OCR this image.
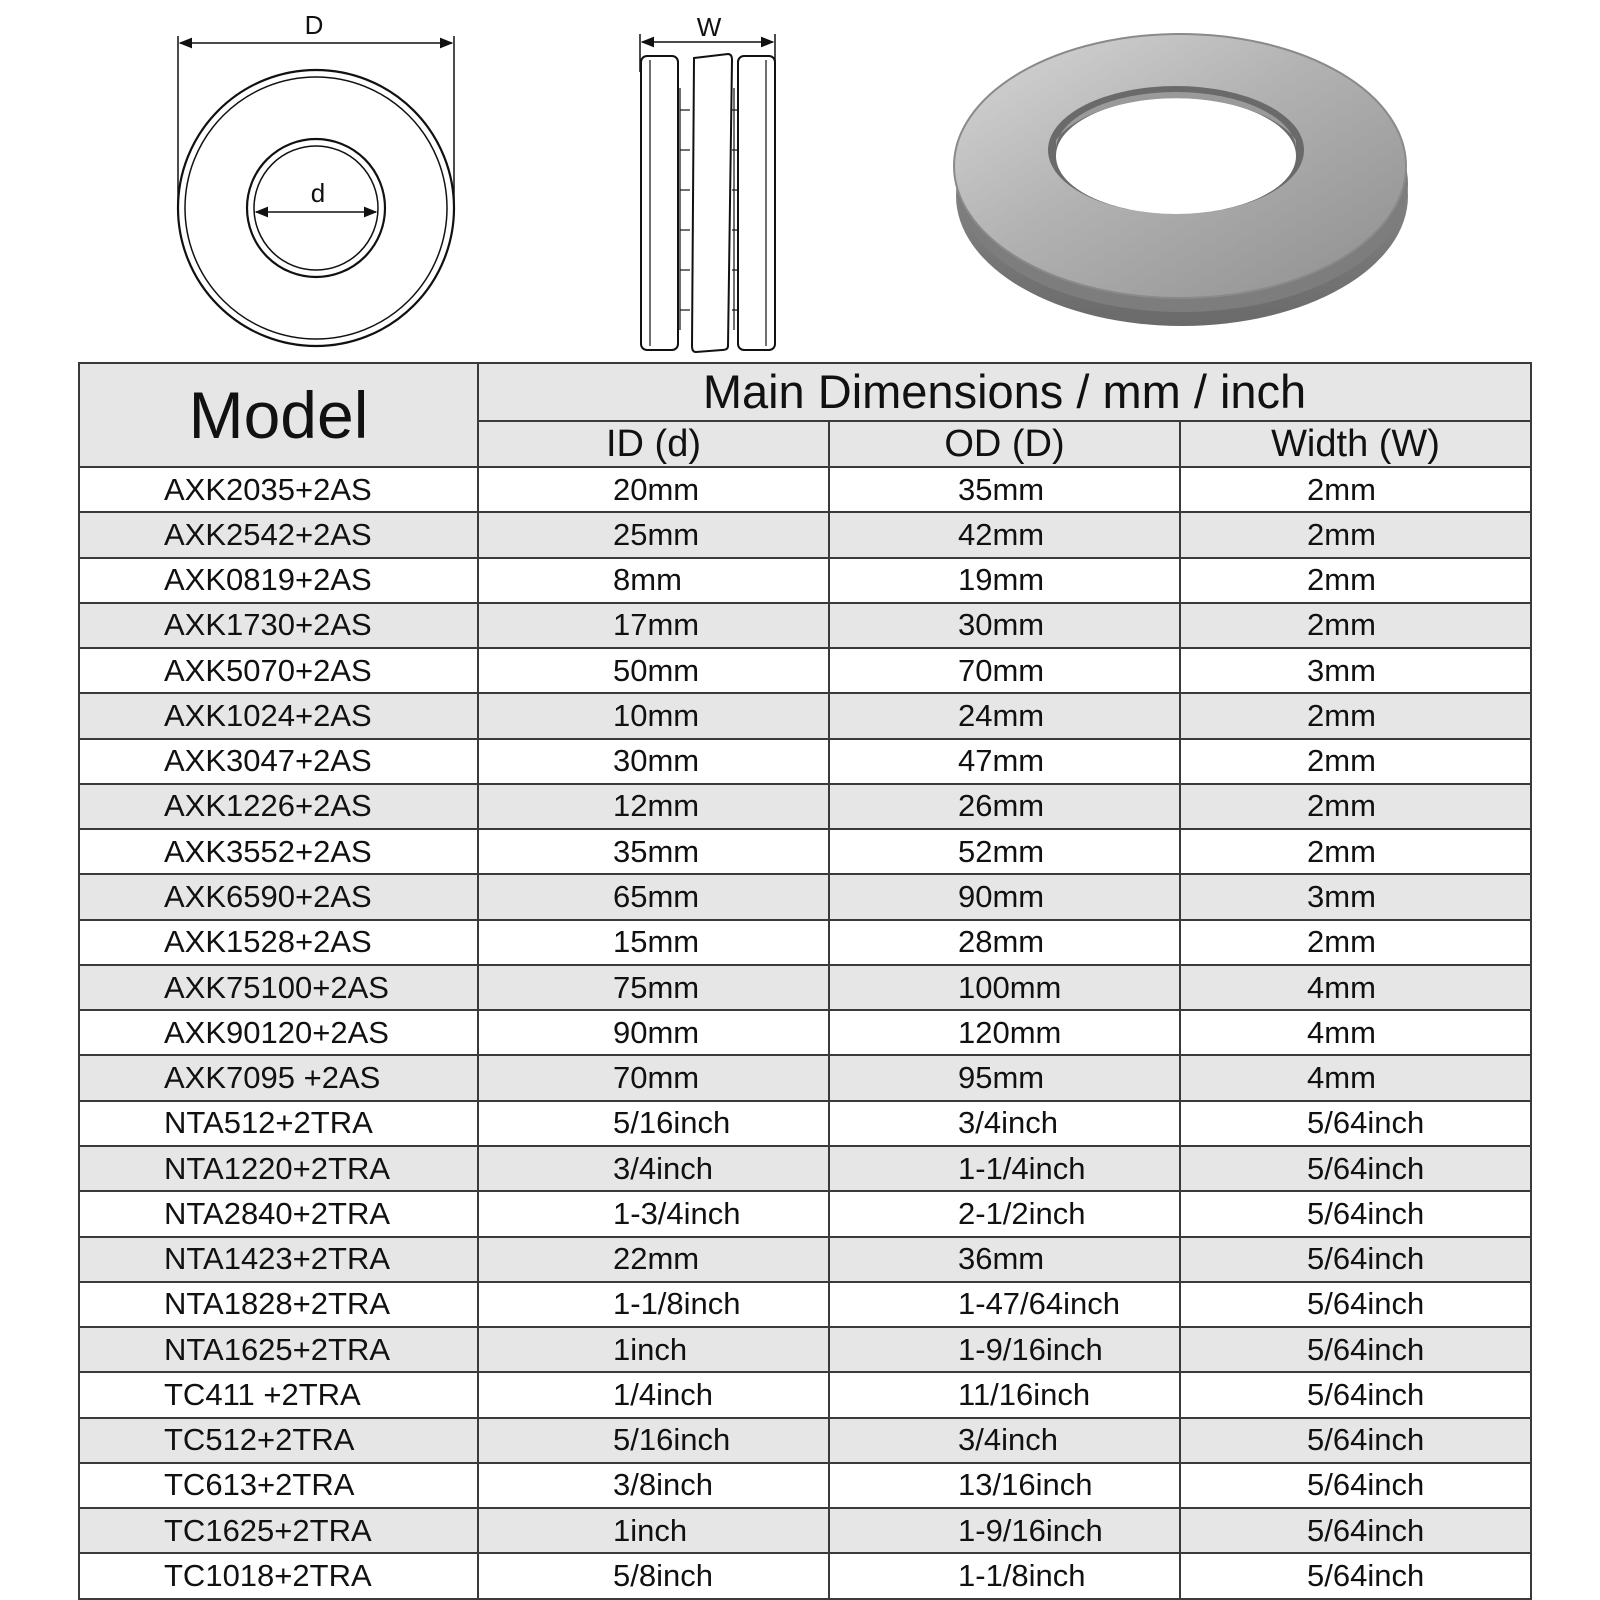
D
d
W
Model	Main Dimensions / mm / inch		
	ID (d)	OD (D)	Width (W)
AXK2035+2AS	20mm	35mm	2mm
AXK2542+2AS	25mm	42mm	2mm
AXK0819+2AS	8mm	19mm	2mm
AXK1730+2AS	17mm	30mm	2mm
AXK5070+2AS	50mm	70mm	3mm
AXK1024+2AS	10mm	24mm	2mm
AXK3047+2AS	30mm	47mm	2mm
AXK1226+2AS	12mm	26mm	2mm
AXK3552+2AS	35mm	52mm	2mm
AXK6590+2AS	65mm	90mm	3mm
AXK1528+2AS	15mm	28mm	2mm
AXK75100+2AS	75mm	100mm	4mm
AXK90120+2AS	90mm	120mm	4mm
AXK7095 +2AS	70mm	95mm	4mm
NTA512+2TRA	5/16inch	3/4inch	5/64inch
NTA1220+2TRA	3/4inch	1-1/4inch	5/64inch
NTA2840+2TRA	1-3/4inch	2-1/2inch	5/64inch
NTA1423+2TRA	22mm	36mm	5/64inch
NTA1828+2TRA	1-1/8inch	1-47/64inch	5/64inch
NTA1625+2TRA	1inch	1-9/16inch	5/64inch
TC411 +2TRA	1/4inch	11/16inch	5/64inch
TC512+2TRA	5/16inch	3/4inch	5/64inch
TC613+2TRA	3/8inch	13/16inch	5/64inch
TC1625+2TRA	1inch	1-9/16inch	5/64inch
TC1018+2TRA	5/8inch	1-1/8inch	5/64inch
